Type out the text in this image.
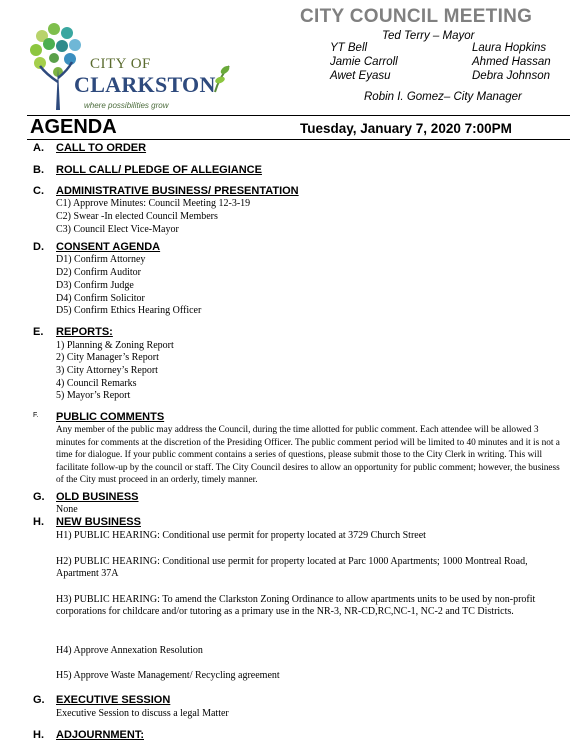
CITY OF
CLARKSTON
where possibilities grow
CITY COUNCIL MEETING
Ted Terry – Mayor
YT Bell	Laura Hopkins
Jamie Carroll	Ahmed Hassan
Awet Eyasu	Debra Johnson
Robin I. Gomez– City Manager
AGENDA	Tuesday, January 7, 2020 7:00PM
A. CALL TO ORDER
B. ROLL CALL/ PLEDGE OF ALLEGIANCE
C. ADMINISTRATIVE BUSINESS/ PRESENTATION
C1) Approve Minutes: Council Meeting 12-3-19
C2) Swear -In elected Council Members
C3) Council Elect Vice-Mayor
D. CONSENT AGENDA
D1) Confirm Attorney
D2) Confirm Auditor
D3) Confirm Judge
D4) Confirm Solicitor
D5) Confirm Ethics Hearing Officer
E. REPORTS:
1) Planning & Zoning Report
2) City Manager’s Report
3) City Attorney’s Report
4) Council Remarks
5) Mayor’s Report
F. PUBLIC COMMENTS
Any member of the public may address the Council, during the time allotted for public comment. Each attendee will be allowed 3 minutes for comments at the discretion of the Presiding Officer. The public comment period will be limited to 40 minutes and it is not a time for dialogue. If your public comment contains a series of questions, please submit those to the City Clerk in writing. This will facilitate follow-up by the council or staff. The City Council desires to allow an opportunity for public comment; however, the business of the City must proceed in an orderly, timely manner.
G. OLD BUSINESS
None
H. NEW BUSINESS
H1) PUBLIC HEARING: Conditional use permit for property located at 3729 Church Street
H2) PUBLIC HEARING: Conditional use permit for property located at Parc 1000 Apartments; 1000 Montreal Road, Apartment 37A
H3) PUBLIC HEARING: To amend the Clarkston Zoning Ordinance to allow apartments units to be used by non-profit corporations for childcare and/or tutoring as a primary use in the NR-3, NR-CD,RC,NC-1, NC-2 and TC Districts.
H4) Approve Annexation Resolution
H5) Approve Waste Management/ Recycling agreement
G. EXECUTIVE SESSION
Executive Session to discuss a legal Matter
H. ADJOURNMENT:
